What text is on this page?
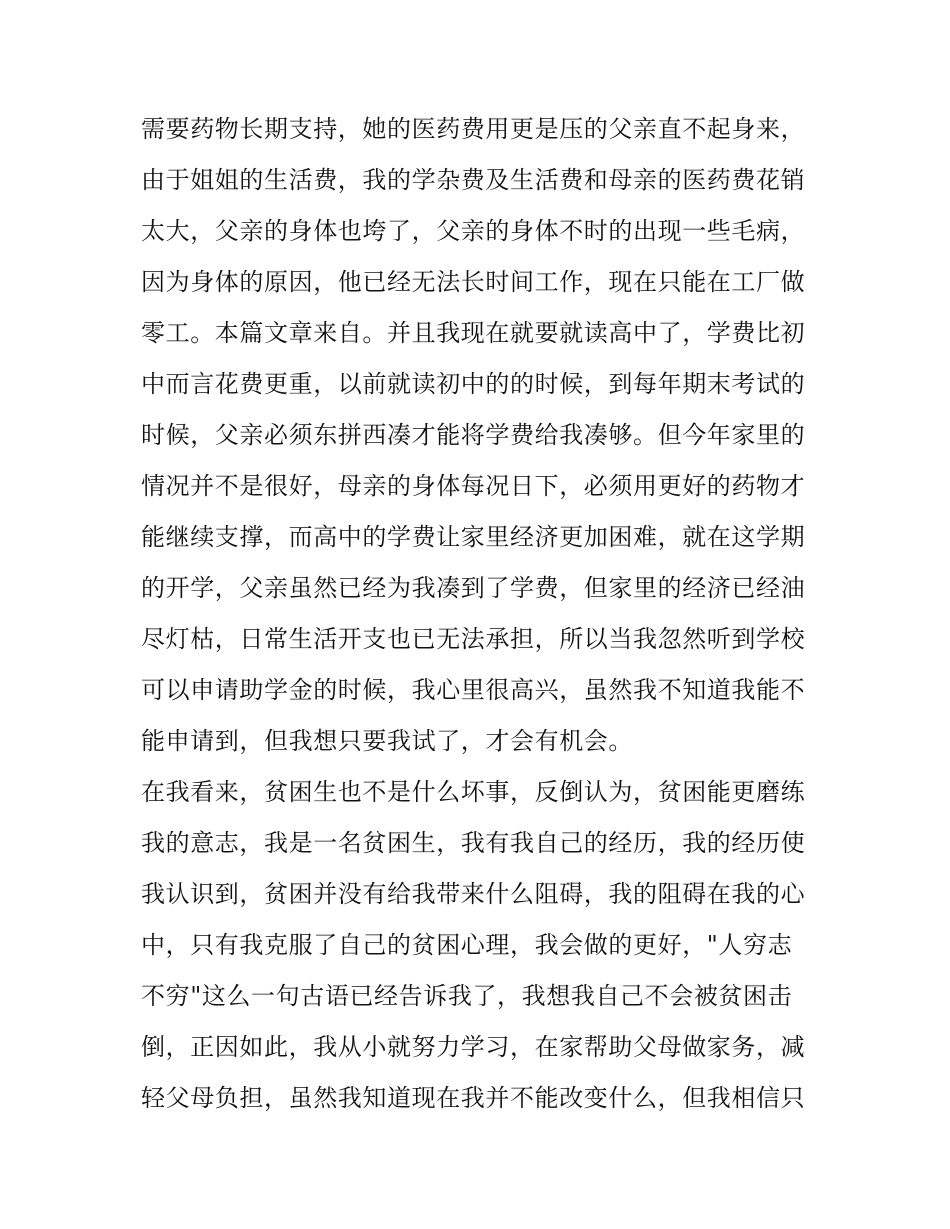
需要药物长期支持，她的医药费用更是压的父亲直不起身来，
由于姐姐的生活费，我的学杂费及生活费和母亲的医药费花销
太大，父亲的身体也垮了，父亲的身体不时的出现一些毛病，
因为身体的原因，他已经无法长时间工作，现在只能在工厂做
零工。本篇文章来自。并且我现在就要就读高中了，学费比初
中而言花费更重，以前就读初中的的时候，到每年期末考试的
时候，父亲必须东拼西凑才能将学费给我凑够。但今年家里的
情况并不是很好，母亲的身体每况日下，必须用更好的药物才
能继续支撑，而高中的学费让家里经济更加困难，就在这学期
的开学，父亲虽然已经为我凑到了学费，但家里的经济已经油
尽灯枯，日常生活开支也已无法承担，所以当我忽然听到学校
可以申请助学金的时候，我心里很高兴，虽然我不知道我能不
能申请到，但我想只要我试了，才会有机会。
在我看来，贫困生也不是什么坏事，反倒认为，贫困能更磨练
我的意志，我是一名贫困生，我有我自己的经历，我的经历使
我认识到，贫困并没有给我带来什么阻碍，我的阻碍在我的心
中，只有我克服了自己的贫困心理，我会做的更好，"人穷志
不穷"这么一句古语已经告诉我了，我想我自己不会被贫困击
倒，正因如此，我从小就努力学习，在家帮助父母做家务，减
轻父母负担，虽然我知道现在我并不能改变什么，但我相信只
